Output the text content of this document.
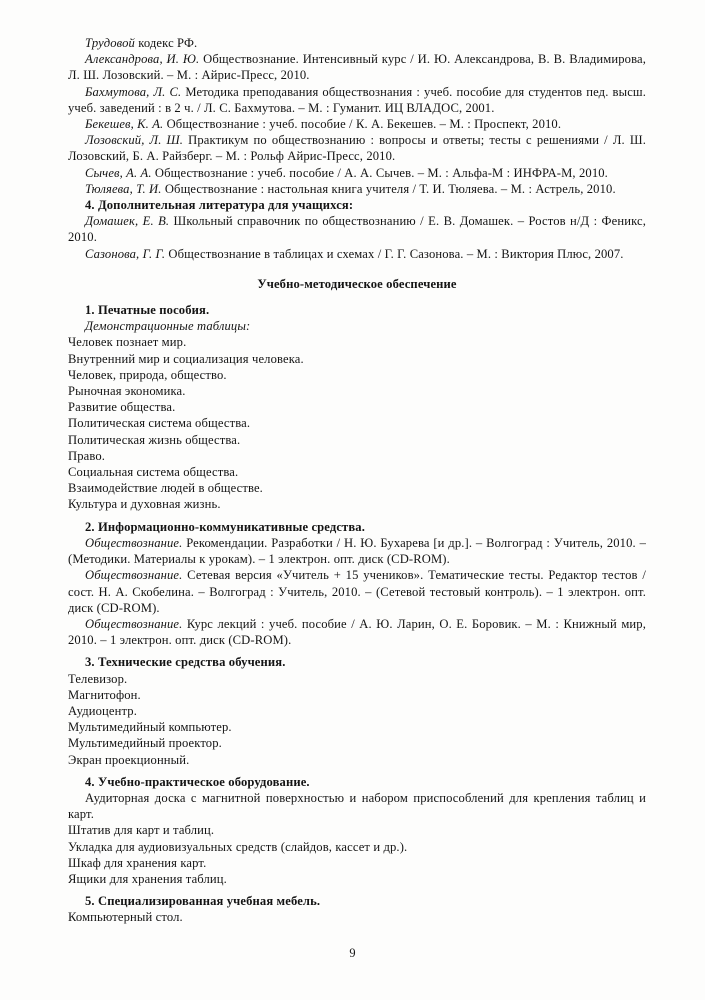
Трудовой кодекс РФ.

Александрова, И. Ю. Обществознание. Интенсивный курс / И. Ю. Александрова, В. В. Владимирова, Л. Ш. Лозовский. – М. : Айрис-Пресс, 2010.

Бахмутова, Л. С. Методика преподавания обществознания : учеб. пособие для студентов пед. высш. учеб. заведений : в 2 ч. / Л. С. Бахмутова. – М. : Гуманит. ИЦ ВЛАДОС, 2001.

Бекешев, К. А. Обществознание : учеб. пособие / К. А. Бекешев. – М. : Проспект, 2010.

Лозовский, Л. Ш. Практикум по обществознанию : вопросы и ответы; тесты с решениями / Л. Ш. Лозовский, Б. А. Райзберг. – М. : Рольф Айрис-Пресс, 2010.

Сычев, А. А. Обществознание : учеб. пособие / А. А. Сычев. – М. : Альфа-М : ИНФРА-М, 2010.

Тюляева, Т. И. Обществознание : настольная книга учителя / Т. И. Тюляева. – М. : Астрель, 2010.

4. Дополнительная литература для учащихся:

Домашек, Е. В. Школьный справочник по обществознанию / Е. В. Домашек. – Ростов н/Д : Феникс, 2010.

Сазонова, Г. Г. Обществознание в таблицах и схемах / Г. Г. Сазонова. – М. : Виктория Плюс, 2007.

Учебно-методическое обеспечение

1. Печатные пособия.

Демонстрационные таблицы:

Человек познает мир.

Внутренний мир и социализация человека.

Человек, природа, общество.

Рыночная экономика.

Развитие общества.

Политическая система общества.

Политическая жизнь общества.

Право.

Социальная система общества.

Взаимодействие людей в обществе.

Культура и духовная жизнь.

2. Информационно-коммуникативные средства.

Обществознание. Рекомендации. Разработки / Н. Ю. Бухарева [и др.]. – Волгоград : Учитель, 2010. – (Методики. Материалы к урокам). – 1 электрон. опт. диск (CD-ROM).

Обществознание. Сетевая версия «Учитель + 15 учеников». Тематические тесты. Редактор тестов / сост. Н. А. Скобелина. – Волгоград : Учитель, 2010. – (Сетевой тестовый контроль). – 1 электрон. опт. диск (CD-ROM).

Обществознание. Курс лекций : учеб. пособие / А. Ю. Ларин, О. Е. Боровик. – М. : Книжный мир, 2010. – 1 электрон. опт. диск (CD-ROM).

3. Технические средства обучения.

Телевизор.

Магнитофон.

Аудиоцентр.

Мультимедийный компьютер.

Мультимедийный проектор.

Экран проекционный.

4. Учебно-практическое оборудование.

Аудиторная доска с магнитной поверхностью и набором приспособлений для крепления таблиц и карт.

Штатив для карт и таблиц.

Укладка для аудиовизуальных средств (слайдов, кассет и др.).

Шкаф для хранения карт.

Ящики для хранения таблиц.

5. Специализированная учебная мебель.

Компьютерный стол.

9
